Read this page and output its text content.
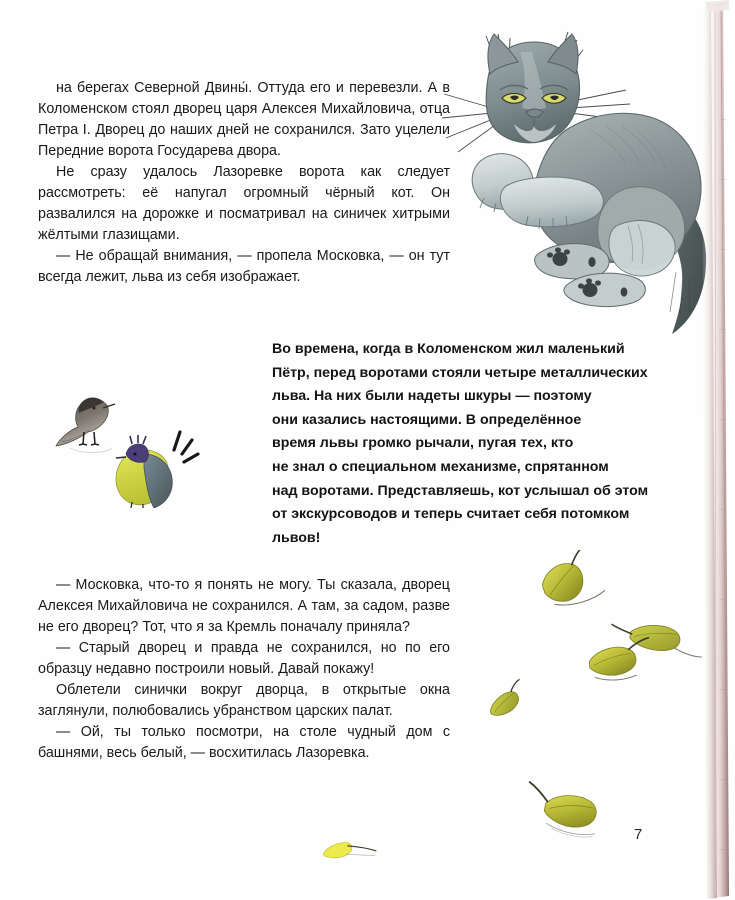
на берегах Северной Двины́. Оттуда его и перевезли. А в Коломенском стоял дворец царя Алексея Михайловича, отца Петра I. Дворец до наших дней не сохранился. Зато уцелели Передние ворота Государева двора.

Не сразу удалось Лазоревке ворота как следует рассмотреть: её напугал огромный чёрный кот. Он развалился на дорожке и посматривал на синичек хитрыми жёлтыми глазищами.

— Не обращай внимания, — пропела Московка, — он тут всегда лежит, льва из себя изображает.

Во времена, когда в Коломенском жил маленький

Пётр, перед воротами стояли четыре металлических

льва. На них были надеты шкуры — поэтому

они казались настоящими. В определённое

время львы громко рычали, пугая тех, кто

не знал о специальном механизме, спрятанном

над воротами. Представляешь, кот услышал об этом

от экскурсоводов и теперь считает себя потомком

львов!

— Московка, что-то я понять не могу. Ты сказала, дворец Алексея Михайловича не сохранился. А там, за садом, разве не его дворец? Тот, что я за Кремль поначалу приняла?

— Старый дворец и правда не сохранился, но по его образцу недавно построили новый. Давай покажу!

Облетели синички вокруг дворца, в открытые окна заглянули, полюбовались убранством царских палат.

— Ой, ты только посмотри, на столе чудный дом с башнями, весь белый, — восхитилась Лазоревка.

7
